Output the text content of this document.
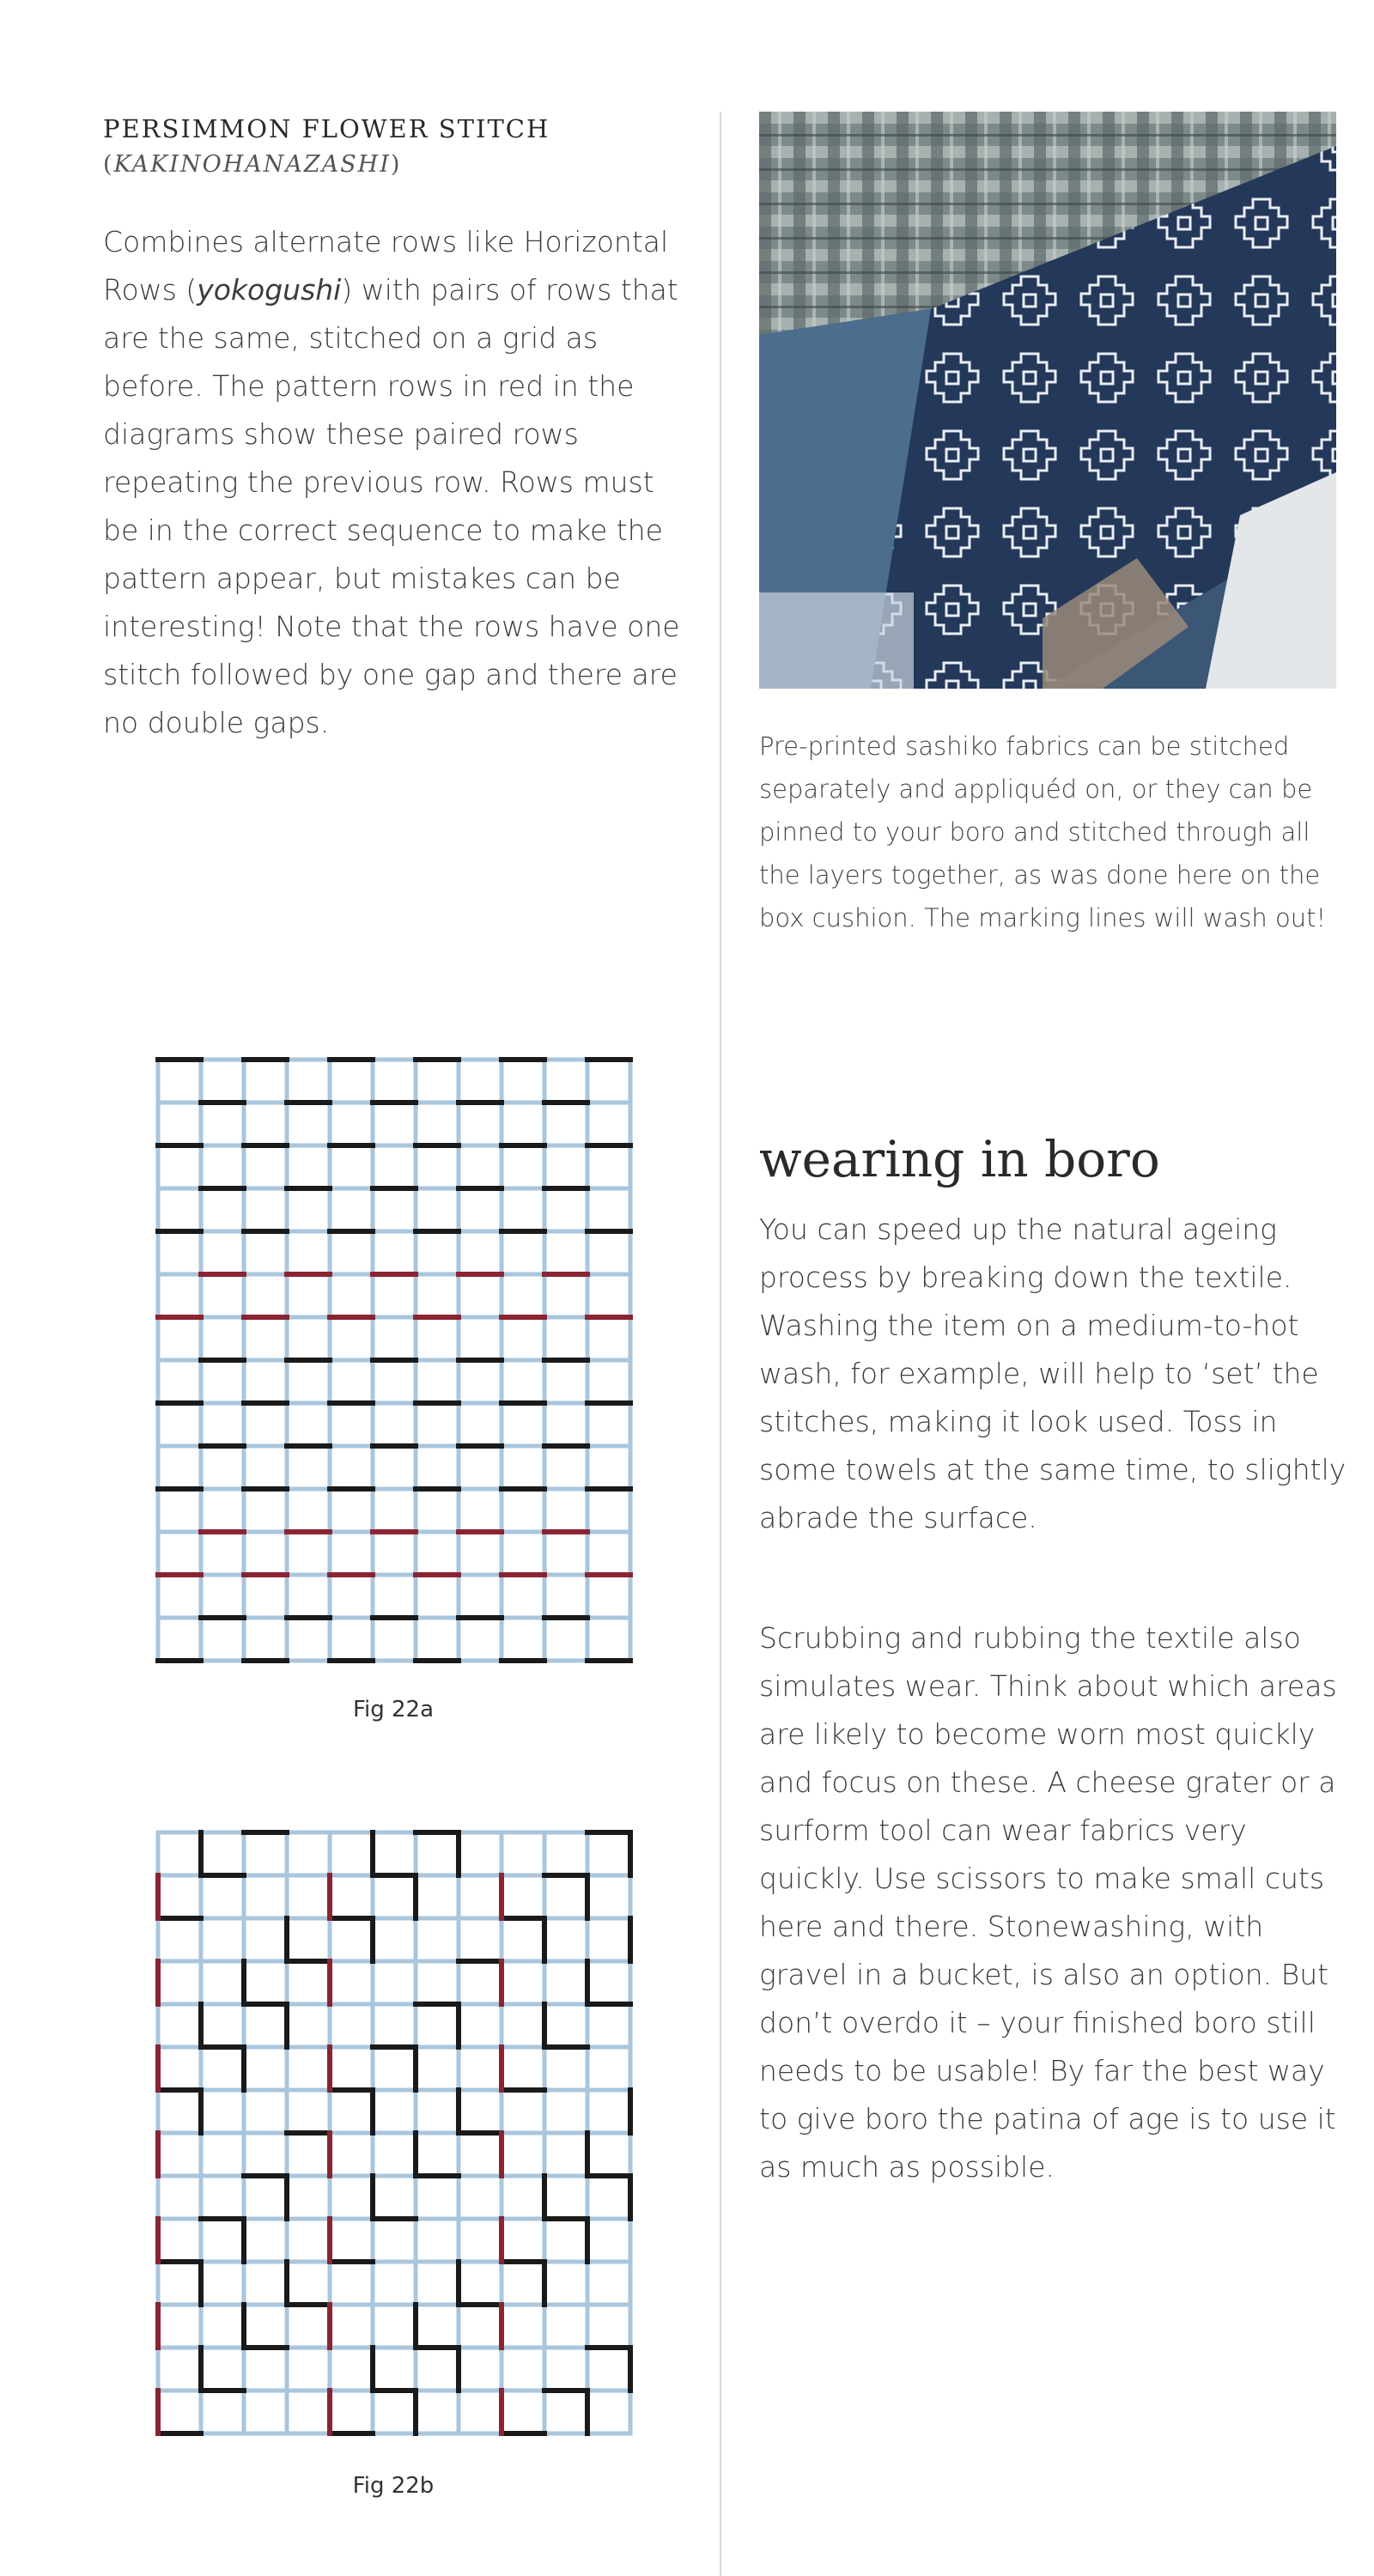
PERSIMMON FLOWER STITCH
(KAKINOHANAZASHI)

Combines alternate rows like Horizontal Rows (yokogushi) with pairs of rows that are the same, stitched on a grid as before. The pattern rows in red in the diagrams show these paired rows repeating the previous row. Rows must be in the correct sequence to make the pattern appear, but mistakes can be interesting! Note that the rows have one stitch followed by one gap and there are no double gaps.

Fig 22a
Fig 22b

Pre-printed sashiko fabrics can be stitched separately and appliquéd on, or they can be pinned to your boro and stitched through all the layers together, as was done here on the box cushion. The marking lines will wash out!

wearing in boro

You can speed up the natural ageing process by breaking down the textile. Washing the item on a medium-to-hot wash, for example, will help to ‘set’ the stitches, making it look used. Toss in some towels at the same time, to slightly abrade the surface.

Scrubbing and rubbing the textile also simulates wear. Think about which areas are likely to become worn most quickly and focus on these. A cheese grater or a surform tool can wear fabrics very quickly. Use scissors to make small cuts here and there. Stonewashing, with gravel in a bucket, is also an option. But don’t overdo it – your finished boro still needs to be usable! By far the best way to give boro the patina of age is to use it as much as possible.
